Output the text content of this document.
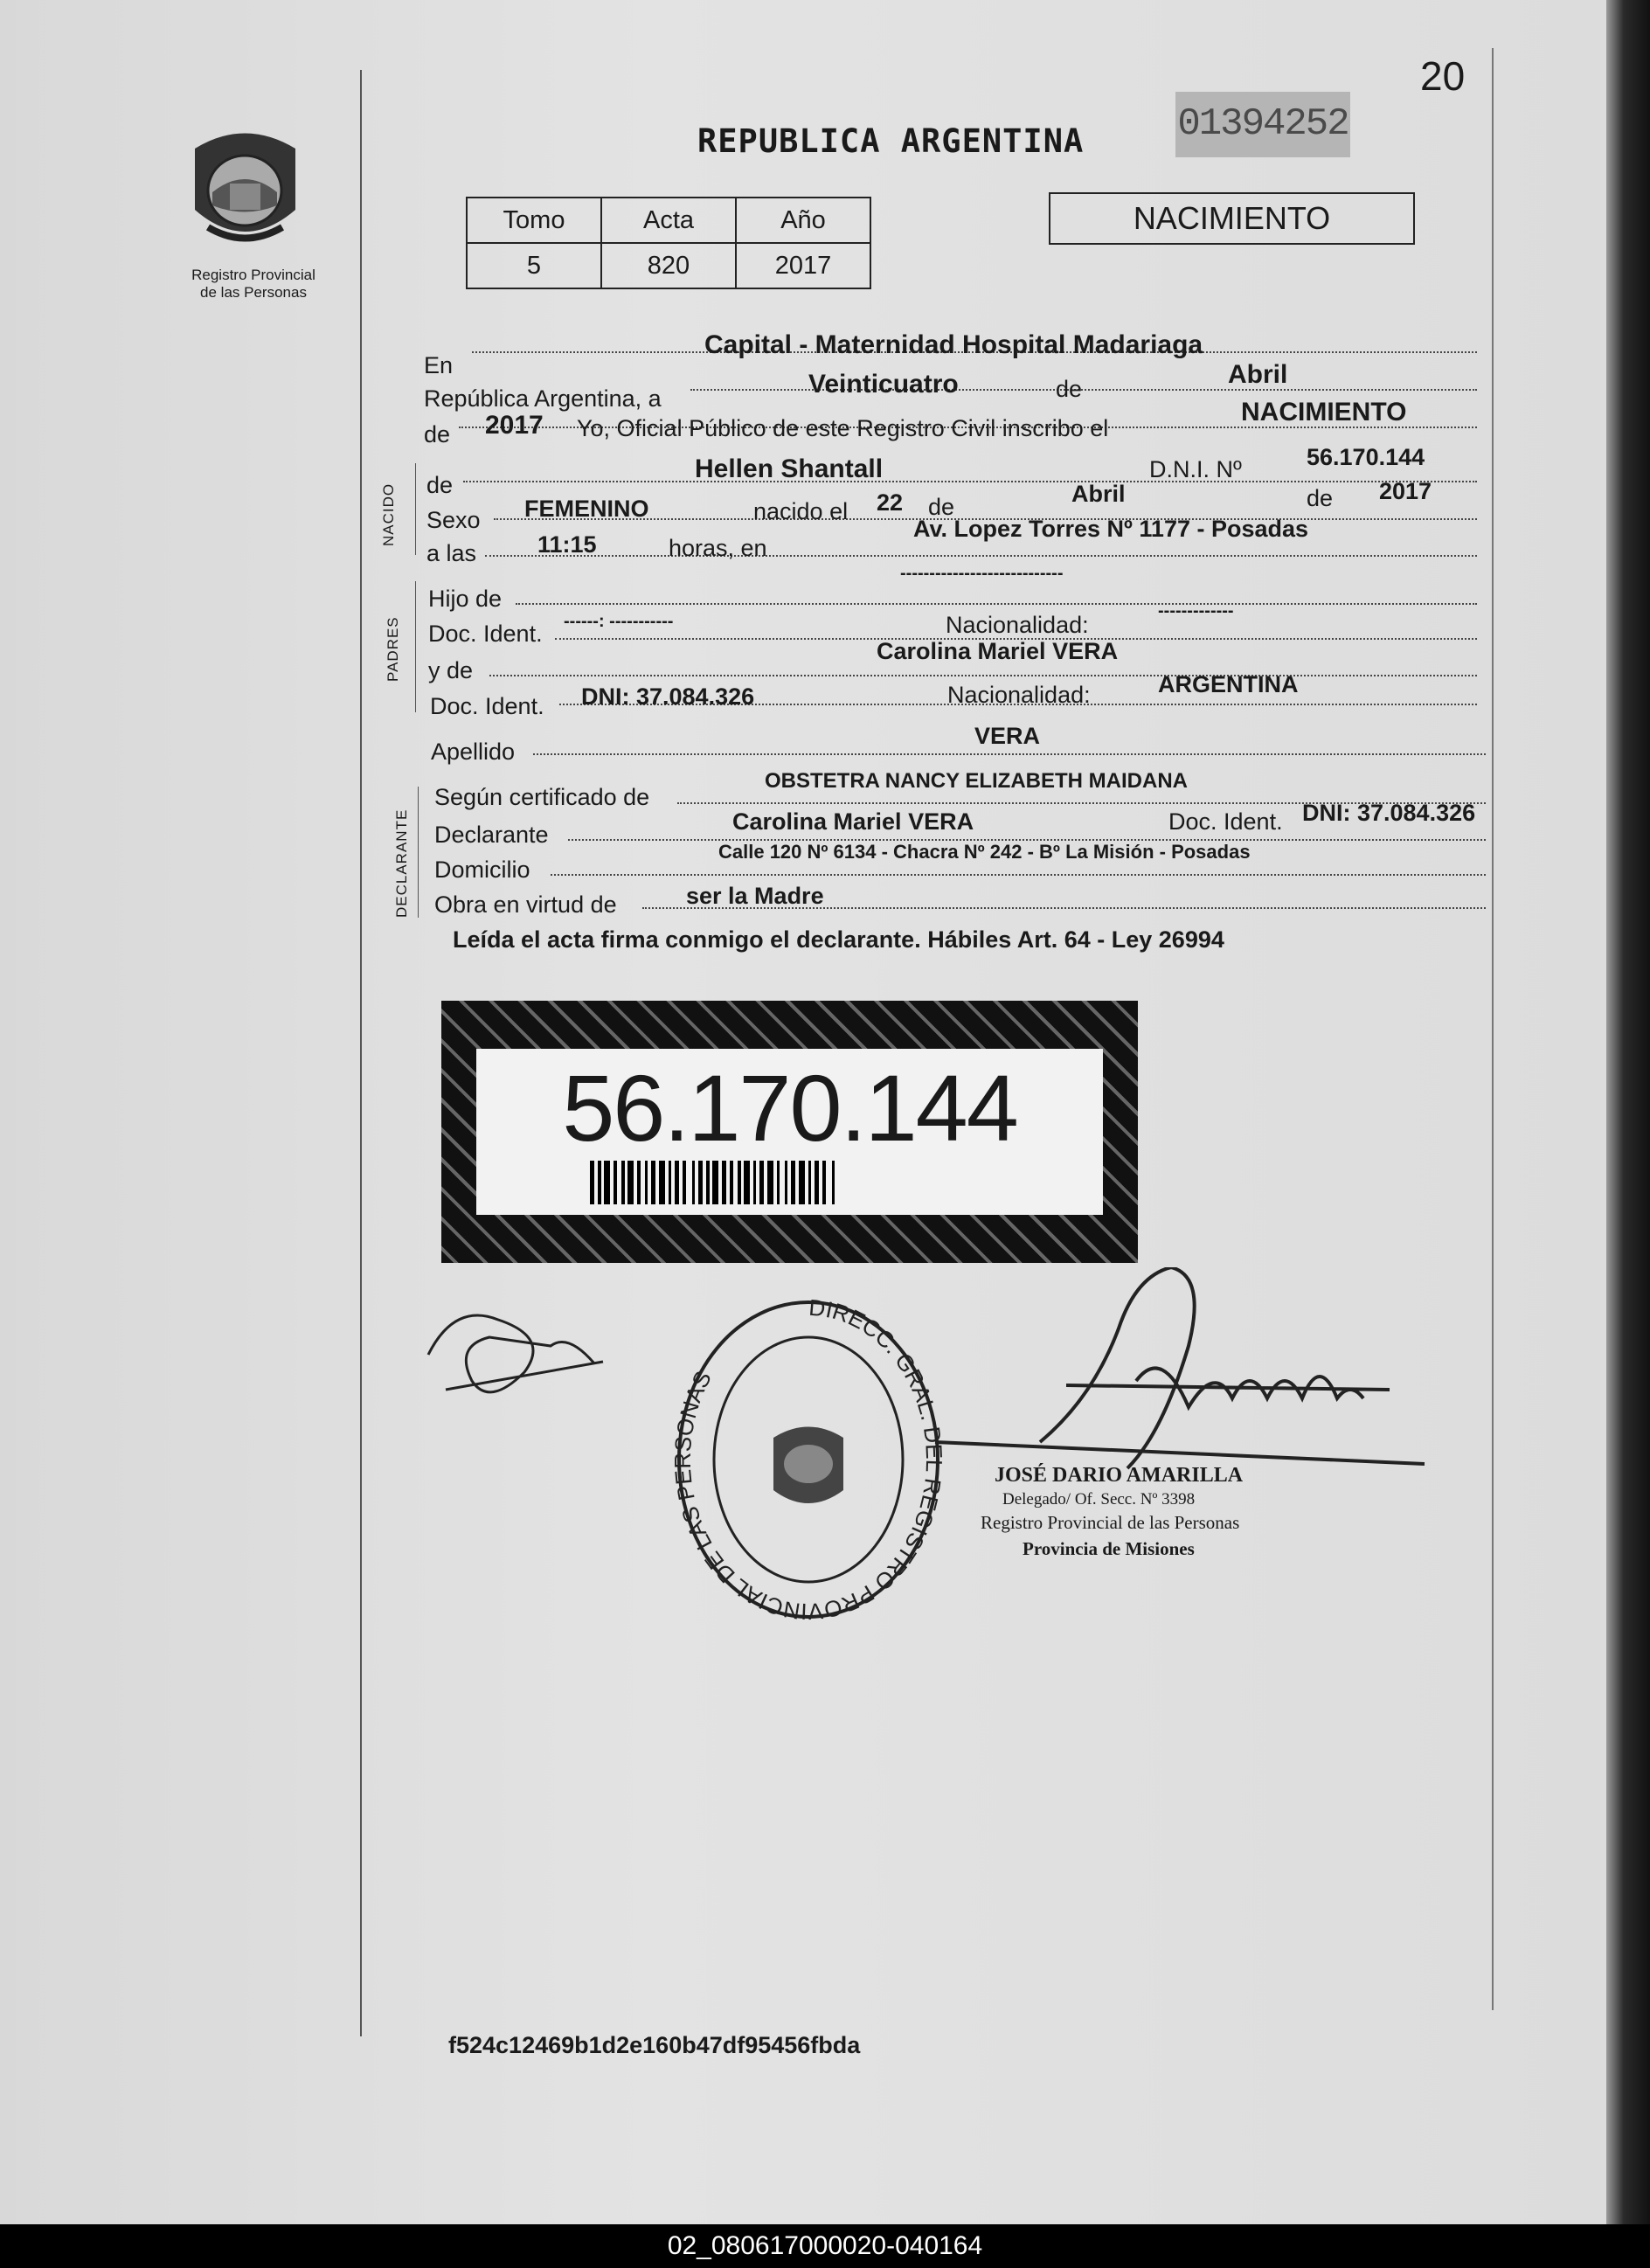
Registro Provincial
de las Personas
20
REPUBLICA ARGENTINA 01394252
Tomo	Acta	Año
5	820	2017
NACIMIENTO
En
Capital - Maternidad Hospital Madariaga
República Argentina, a	Veinticuatro	de	Abril
de 2017 Yo, Oficial Público de este Registro Civil inscribo el
NACIMIENTO
NACIDO de
Hellen Shantall	D.N.I. Nº	56.170.144
Sexo FEMENINO	nacido el 22 de	Abril	de 2017
a las	11:15	horas, en
Av. Lopez Torres Nº 1177 - Posadas
PADRES
Hijo de
----------------------------
Doc. Ident. ------: -----------	Nacionalidad:
-------------
y de
Carolina Mariel VERA
Doc. Ident. DNI: 37.084.326	Nacionalidad:	ARGENTINA
Apellido
VERA
DECLARANTE
Según certificado de
OBSTETRA NANCY ELIZABETH MAIDANA
Declarante	Carolina Mariel VERA	Doc. Ident. DNI: 37.084.326
Domicilio
Calle 120 Nº 6134 - Chacra Nº 242 - Bº La Misión - Posadas
Obra en virtud de	ser la Madre
Leída el acta firma conmigo el declarante. Hábiles Art. 64 - Ley 26994
56.170.144
DIRECC. GRAL. DEL REGISTRO PROVINCIAL DE LAS PERSONAS
JOSÉ DARIO AMARILLA
Delegado/ Of. Secc. Nº 3398
Registro Provincial de las Personas
Provincia de Misiones
f524c12469b1d2e160b47df95456fbda
02_080617000020-040164
